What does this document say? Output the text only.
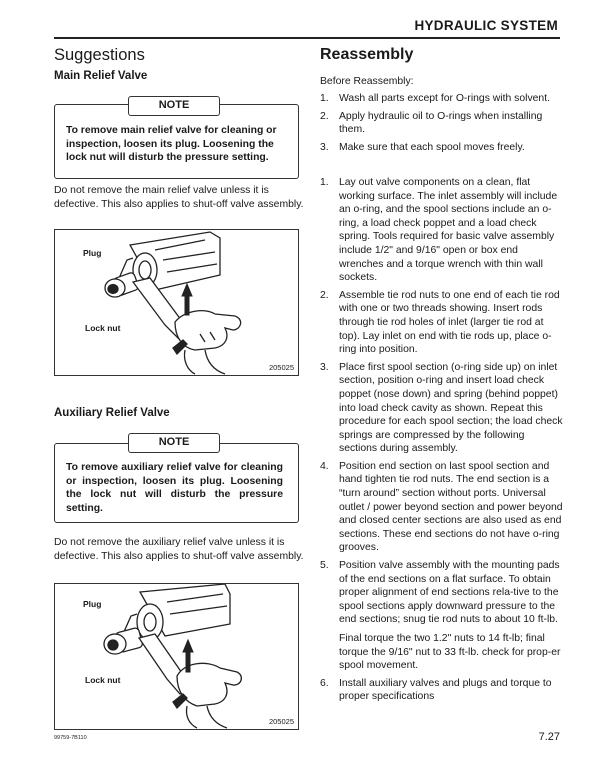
HYDRAULIC SYSTEM
Suggestions
Main Relief Valve
NOTE
To remove main relief valve for cleaning or inspection, loosen its plug. Loosening the lock nut will disturb the pressure setting.
Do not remove the main relief valve unless it is defective. This also applies to shut-off valve assembly.
Plug
Lock nut
205025
Auxiliary Relief Valve
NOTE
To remove auxiliary relief valve for cleaning or inspection, loosen its plug. Loosening the lock nut will disturb the pressure setting.
Do not remove the auxiliary relief valve unless it is defective. This also applies to shut-off valve assembly.
Plug
Lock nut
205025
Reassembly
Before Reassembly:
1. Wash all parts except for O-rings with solvent.
2. Apply hydraulic oil to O-rings when installing them.
3. Make sure that each spool moves freely.
1. Lay out valve components on a clean, flat working surface. The inlet assembly will include an o-ring, and the spool sections include an o-ring, a load check poppet and a load check spring. Tools required for basic valve assembly include 1/2" and 9/16" open or box end wrenches and a torque wrench with thin wall sockets.
2. Assemble tie rod nuts to one end of each tie rod with one or two threads showing. Insert rods through tie rod holes of inlet (larger tie rod at top). Lay inlet on end with tie rods up, place o-ring into position.
3. Place first spool section (o-ring side up) on inlet section, position o-ring and insert load check poppet (nose down) and spring (behind poppet) into load check cavity as shown. Repeat this procedure for each spool section; the load check springs are compressed by the following sections during assembly.
4. Position end section on last spool section and hand tighten tie rod nuts. The end section is a “turn around” section without ports. Universal outlet / power beyond section and power beyond and closed center sections are also used as end sections. These end sections do not have o-ring grooves.
5. Position valve assembly with the mounting pads of the end sections on a flat surface. To obtain proper alignment of end sections rela-tive to the spool sections apply downward pressure to the end sections; snug tie rod nuts to about 10 ft-lb.
Final torque the two 1.2" nuts to 14 ft-lb; final torque the 9/16" nut to 33 ft-lb. check for prop-er spool movement.
6. Install auxiliary valves and plugs and torque to proper specifications
99759-7B110	7.27
